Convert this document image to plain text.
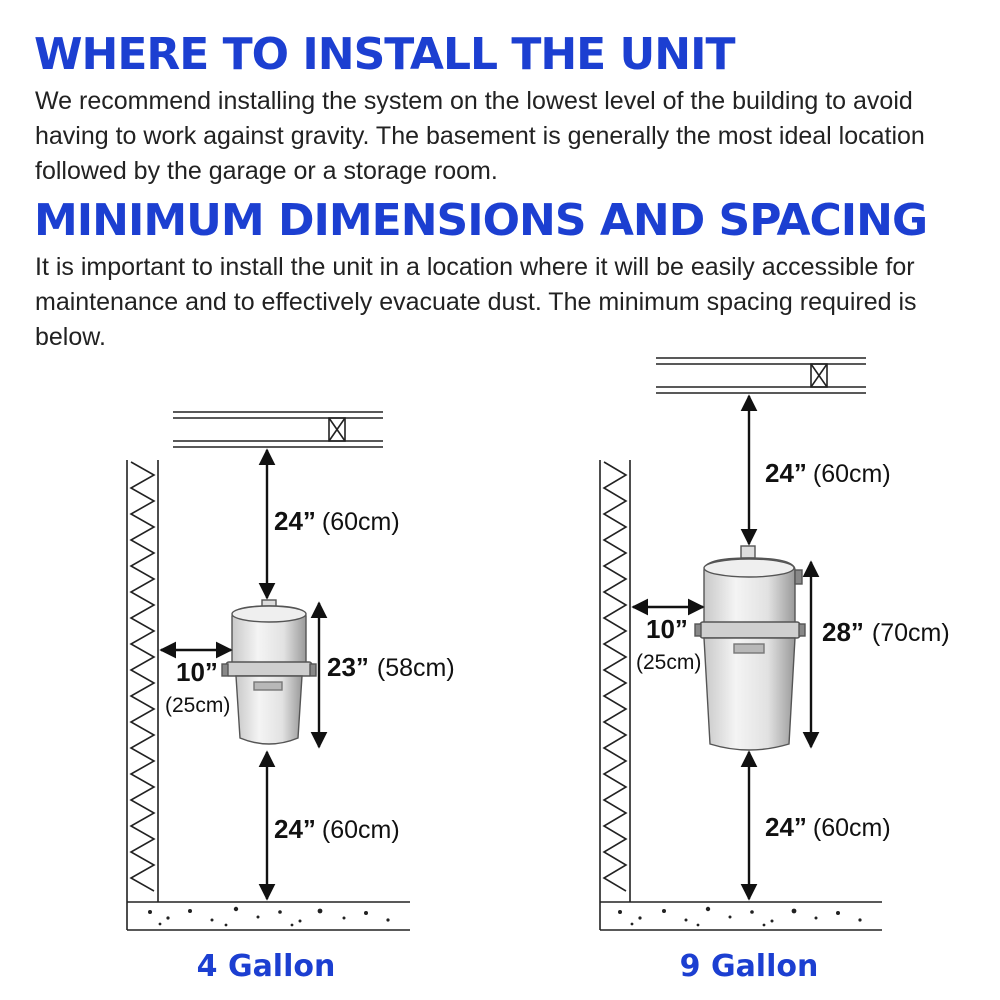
WHERE TO INSTALL THE UNIT

We recommend installing the system on the lowest level of the building to avoid having to work against gravity. The basement is generally the most ideal location followed by the garage or a storage room.

MINIMUM DIMENSIONS AND SPACING

It is important to install the unit in a location where it will be easily accessible for maintenance and to effectively evacuate dust. The minimum spacing required is below.

24” (60cm)
23” (58cm)
24” (60cm)
10”
(25cm)
4 Gallon
24” (60cm)
28” (70cm)
24” (60cm)
10”
(25cm)
9 Gallon
